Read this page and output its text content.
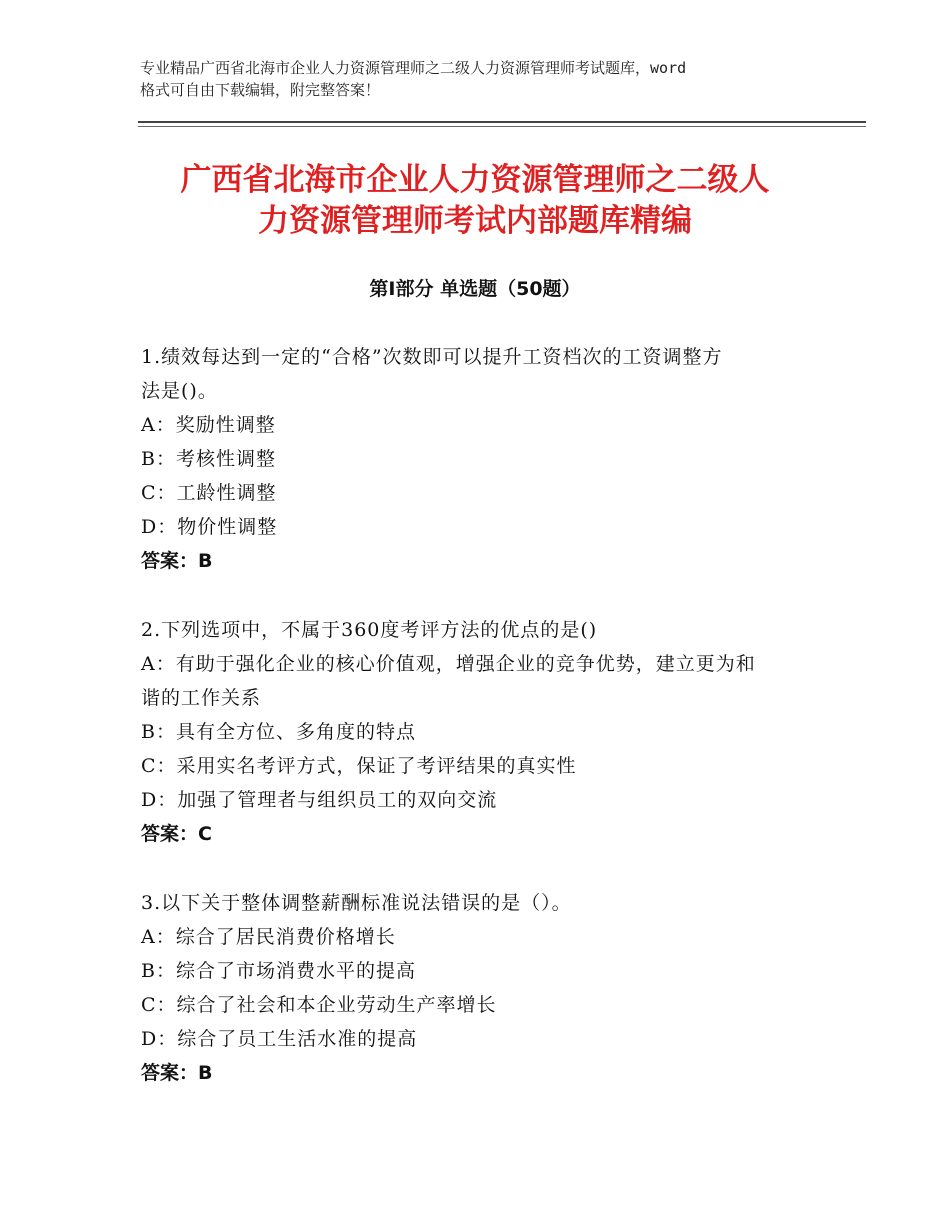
专业精品广西省北海市企业人力资源管理师之二级人力资源管理师考试题库，word
格式可自由下载编辑，附完整答案！
广西省北海市企业人力资源管理师之二级人
力资源管理师考试内部题库精编
第Ⅰ部分 单选题（50题）
1.绩效每达到一定的“合格”次数即可以提升工资档次的工资调整方
法是()。
A：奖励性调整
B：考核性调整
C：工龄性调整
D：物价性调整
答案：B
2.下列选项中，不属于360度考评方法的优点的是()
A：有助于强化企业的核心价值观，增强企业的竞争优势，建立更为和
谐的工作关系
B：具有全方位、多角度的特点
C：采用实名考评方式，保证了考评结果的真实性
D：加强了管理者与组织员工的双向交流
答案：C
3.以下关于整体调整薪酬标准说法错误的是（）。
A：综合了居民消费价格增长
B：综合了市场消费水平的提高
C：综合了社会和本企业劳动生产率增长
D：综合了员工生活水准的提高
答案：B
